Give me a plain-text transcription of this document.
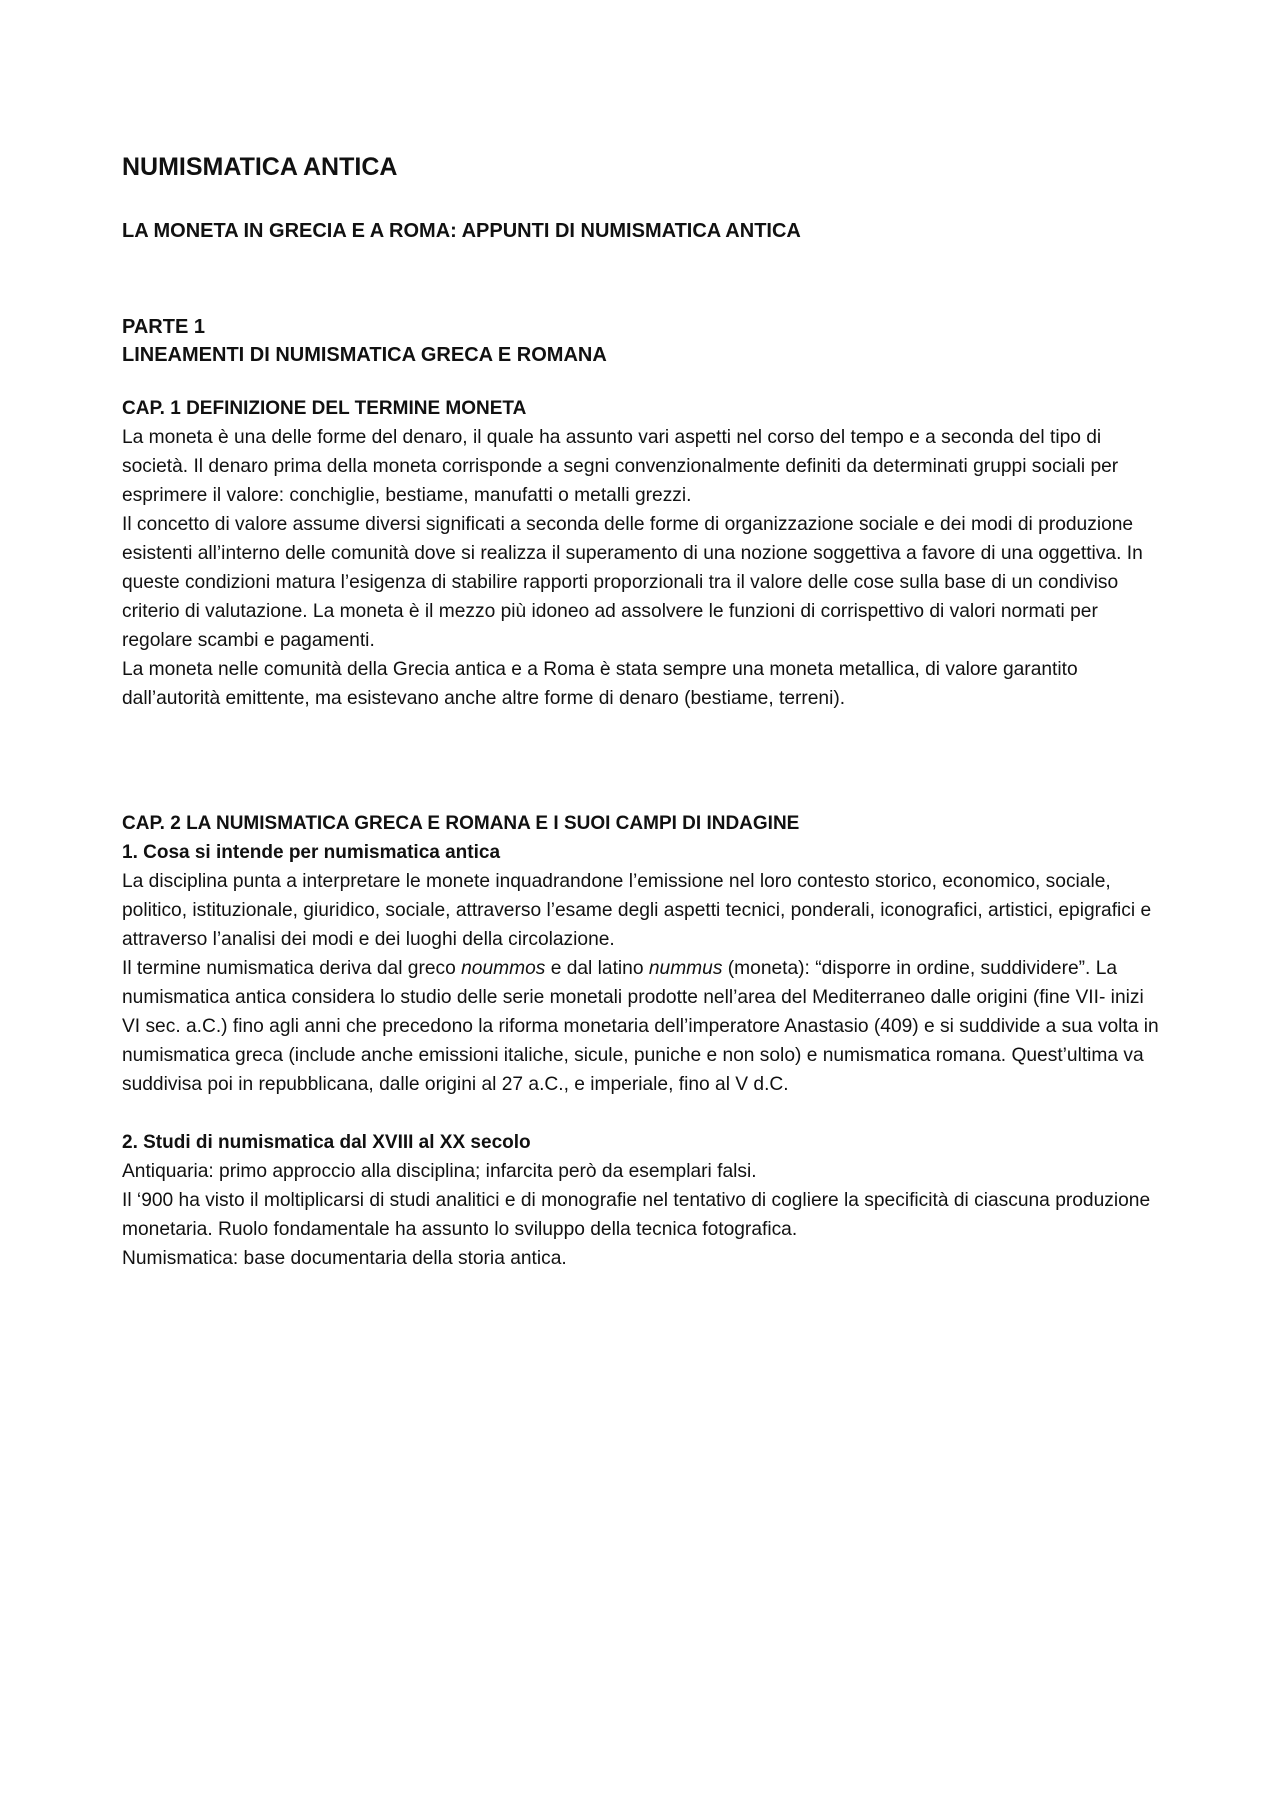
NUMISMATICA ANTICA
LA MONETA IN GRECIA E A ROMA: APPUNTI DI NUMISMATICA ANTICA
PARTE 1
LINEAMENTI DI NUMISMATICA GRECA E ROMANA
CAP. 1 DEFINIZIONE DEL TERMINE MONETA

La moneta è una delle forme del denaro, il quale ha assunto vari aspetti nel corso del tempo e a seconda del tipo di società. Il denaro prima della moneta corrisponde a segni convenzionalmente definiti da determinati gruppi sociali per esprimere il valore: conchiglie, bestiame, manufatti o metalli grezzi.

Il concetto di valore assume diversi significati a seconda delle forme di organizzazione sociale e dei modi di produzione esistenti all’interno delle comunità dove si realizza il superamento di una nozione soggettiva a favore di una oggettiva. In queste condizioni matura l’esigenza di stabilire rapporti proporzionali tra il valore delle cose sulla base di un condiviso criterio di valutazione. La moneta è il mezzo più idoneo ad assolvere le funzioni di corrispettivo di valori normati per regolare scambi e pagamenti.

La moneta nelle comunità della Grecia antica e a Roma è stata sempre una moneta metallica, di valore garantito dall’autorità emittente, ma esistevano anche altre forme di denaro (bestiame, terreni).

CAP. 2 LA NUMISMATICA GRECA E ROMANA E I SUOI CAMPI DI INDAGINE
1. Cosa si intende per numismatica antica

La disciplina punta a interpretare le monete inquadrandone l’emissione nel loro contesto storico, economico, sociale, politico, istituzionale, giuridico, sociale, attraverso l’esame degli aspetti tecnici, ponderali, iconografici, artistici, epigrafici e attraverso l’analisi dei modi e dei luoghi della circolazione.

Il termine numismatica deriva dal greco noummos e dal latino nummus (moneta): “disporre in ordine, suddividere”. La numismatica antica considera lo studio delle serie monetali prodotte nell’area del Mediterraneo dalle origini (fine VII- inizi VI sec. a.C.) fino agli anni che precedono la riforma monetaria dell’imperatore Anastasio (409) e si suddivide a sua volta in numismatica greca (include anche emissioni italiche, sicule, puniche e non solo) e numismatica romana. Quest’ultima va suddivisa poi in repubblicana, dalle origini al 27 a.C., e imperiale, fino al V d.C.

2. Studi di numismatica dal XVIII al XX secolo

Antiquaria: primo approccio alla disciplina; infarcita però da esemplari falsi.

Il ‘900 ha visto il moltiplicarsi di studi analitici e di monografie nel tentativo di cogliere la specificità di ciascuna produzione monetaria. Ruolo fondamentale ha assunto lo sviluppo della tecnica fotografica.

Numismatica: base documentaria della storia antica.
